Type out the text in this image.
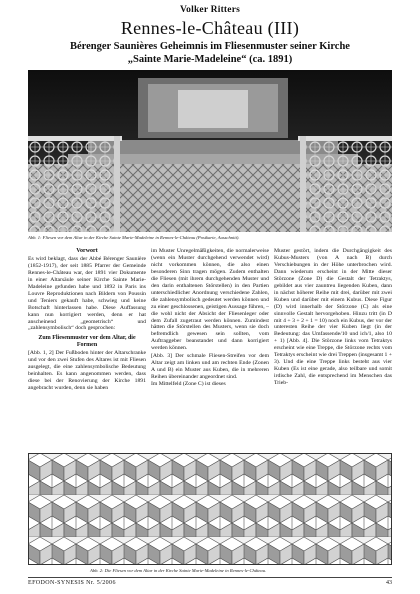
Volker Ritters
Rennes-le-Château (III)
Bérenger Saunières Geheimnis im Fliesenmuster seiner Kirche
„Sainte Marie-Madeleine“ (ca. 1891)
Abb. 1: Fliesen vor dem Altar in der Kirche Sainte Marie-Madeleine in Rennes-le-Château (Postkarte, Ausschnitt).
Vorwort

Es wird beklagt, dass der Abbé Bérenger Saunière (1852-1917), der seit 1885 Pfarrer der Gemeinde Rennes-le-Château war, der 1891 vier Dokumente in einer Altarsäule seiner Kirche Sainte Marie-Madeleine gefunden habe und 1892 in Paris ins Louvre Reproduktionen nach Bildern von Poussin und Teniers gekauft habe, schwieg und keine Botschaft hinterlassen habe. Diese Auffassung kann nun korrigiert werden, denn er hat anscheinend „geometrisch“ und „zahlensymbolisch“ doch gesprochen:

Zum Fliesenmuster vor dem Altar, die Formen

[Abb. 1, 2] Der Fußboden hinter der Altarschranke und vor den zwei Stufen des Altares ist mit Fliesen ausgelegt, die eine zahlensymbolische Bedeutung beinhalten. Es kann angenommen werden, dass diese bei der Renovierung der Kirche 1891 angebracht wurden, denn sie haben

im Muster Unregelmäßigkeiten, die normalerweise (wenn ein Muster durchgehend verwendet wird) nicht vorkommen können, die also einen besonderen Sinn tragen mögen. Zudem enthalten die Fliesen (mit ihrem durchgehenden Muster und den darin enthaltenen Störstellen) in den Partien unterschiedlicher Anordnung verschiedene Zahlen, die zahlensymbolisch gedeutet werden können und zu einer geschlossenen, geistigen Aussage führen, – die wohl nicht der Absicht der Fliesenleger oder dem Zufall zugetraut werden können. Zumindest hätten die Störstellen des Musters, wenn sie doch befremdlich gewesen sein sollten, vom Auftraggeber beanstandet und dann korrigiert werden können.

[Abb. 3] Der schmale Fliesen-Streifen vor dem Altar zeigt am linken und am rechten Ende (Zonen A und B) ein Muster aus Kuben, die in mehreren Reihen übereinander angeordnet sind.

Im Mittelfeld (Zone C) ist dieses

Muster gestört, indem die Durchgängigkeit des Kubus-Musters (von A nach B) durch Verschiebungen in der Höhe unterbrochen wird. Dann wiederum erscheint in der Mitte dieser Störzone (Zone D) die Gestalt der Tetraktys, gebildet aus vier zauntreu liegenden Kuben, dann in nächst höherer Reihe mit drei, darüber mit zwei Kuben und darüber mit einem Kubus. Diese Figur (D) wird innerhalb der Störzone (C) als eine sinnvolle Gestalt hervorgehoben. Hinzu tritt (in D mit 4 + 3 + 2 + 1 = 10) noch ein Kubus, der vor der unteresten Reihe der vier Kuben liegt (in der Bedeutung: das Umfassende/10 und ich/1, also 10 + 1) [Abb. 4]. Die Störzone links vom Tetraktys erscheint wie eine Treppe, die Störzone rechts vom Tetraktys erscheint wie drei Treppen (insgesamt 1 + 3). Und die eine Treppe links besteht aus vier Kuben (Es ist eine gerade, also teilbare und somit irdische Zahl, die entsprechend im Menschen das Trieb-

Abb. 2: Die Fliesen vor dem Altar in der Kirche Sainte Marie-Madeleine in Rennes-le-Château.
EFODON-SYNESIS Nr. 5/2006	43
